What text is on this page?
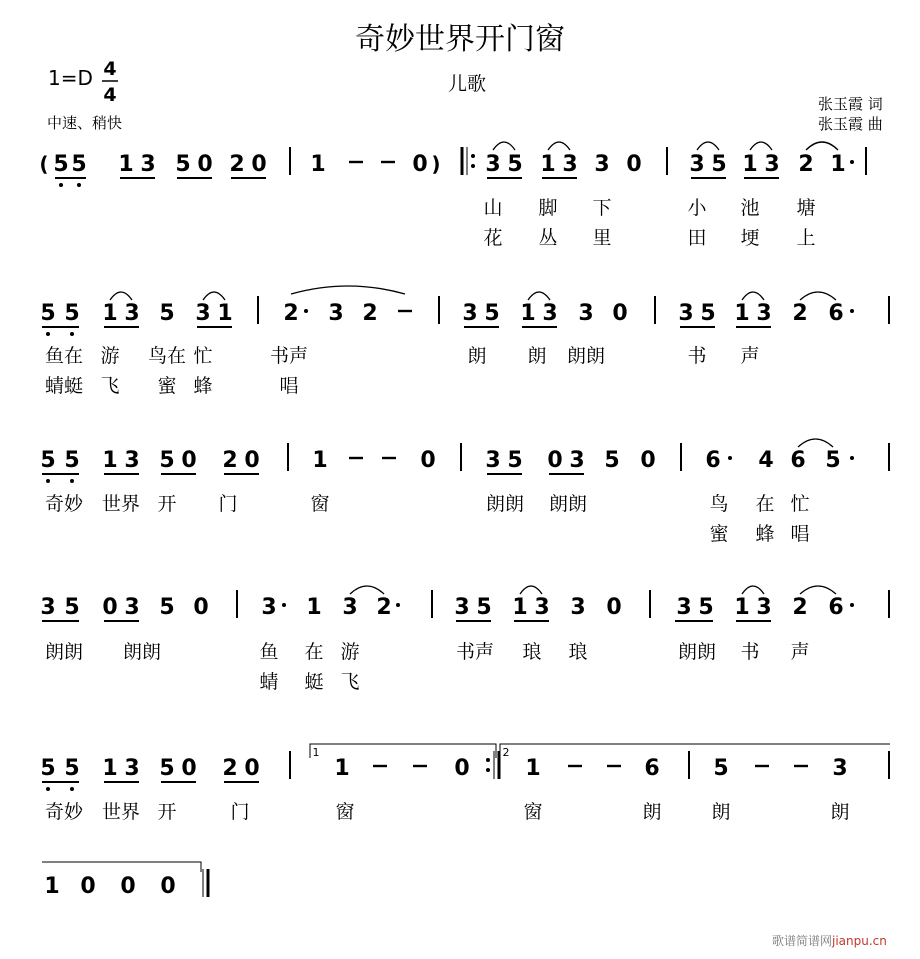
奇妙世界开门窗
1=D 4
4	儿歌
中速、稍快
张玉霞 词
张玉霞 曲
( 5 5 1 3 5 0 2 0 1	0 ) 3 5 1 3 3 0 3 5 1 3 2 1
5 5 1 3 5 3 1 2 3 2	3 5 1 3 3 0 3 5 1 3 2 6
5 5 1 3 5 0 2 0 1	0 3 5 0 3 5 0 6 4 6 5
3 5 0 3 5 0 3 1 3 2	3 5 1 3 3 0 3 5 1 3 2 6
5 5 1 3 5 0 2 0	1	0	1	6 5	3
1 0 0 0
1	2
山 脚 下	小 池 塘
花 丛 里	田 埂 上
鱼在 游 鸟在 忙	书声	朗 朗 朗朗	书 声
蜻蜓 飞 蜜 蜂	唱
奇妙 世界 开 门	窗	朗朗 朗朗	鸟 在 忙
蜜 蜂 唱
朗朗 朗朗	鱼 在 游	书声 琅 琅	朗朗 书 声
蜻 蜓 飞
奇妙 世界 开	门	窗	窗	朗	朗	朗
歌谱简谱网jianpu.cn
